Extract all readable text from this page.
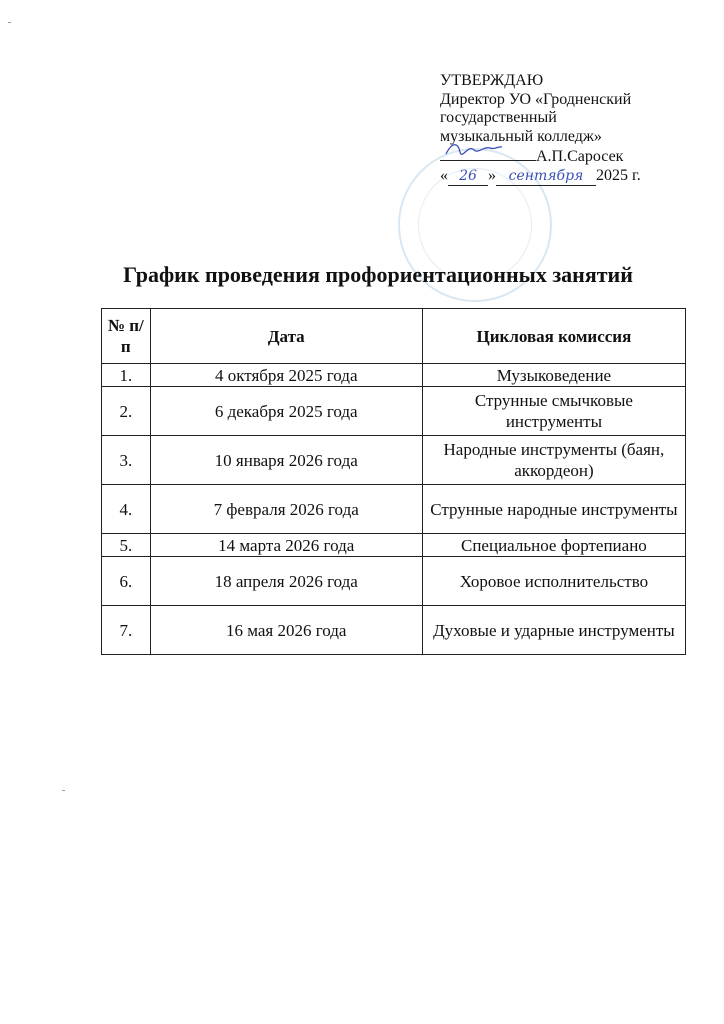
УТВЕРЖДАЮ
Директор УО «Гродненский
государственный
музыкальный колледж»
А.П.Саросек
« 26 » сентября 2025 г.
График проведения профориентационных занятий
№ п/п	Дата	Цикловая комиссия
1.	4 октября 2025 года	Музыковедение
2.	6 декабря 2025 года	Струнные смычковые инструменты
3.	10 января 2026 года	Народные инструменты (баян, аккордеон)
4.	7 февраля 2026 года	Струнные народные инструменты
5.	14 марта 2026 года	Специальное фортепиано
6.	18 апреля 2026 года	Хоровое исполнительство
7.	16 мая 2026 года	Духовые и ударные инструменты
